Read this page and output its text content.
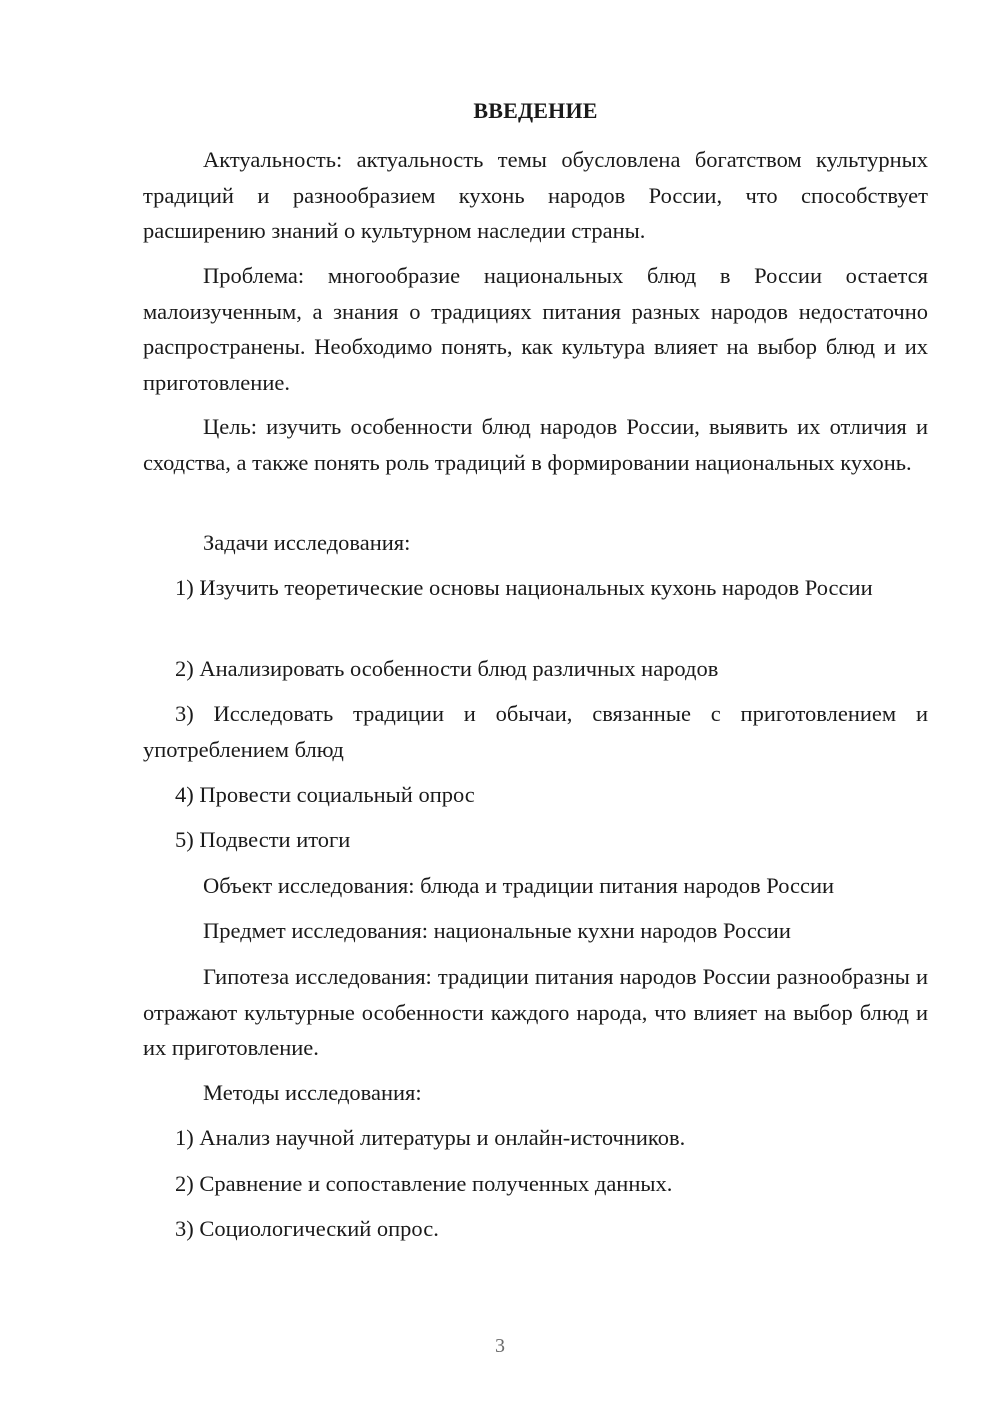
ВВЕДЕНИЕ

Актуальность: актуальность темы обусловлена богатством культурных традиций и разнообразием кухонь народов России, что способствует расширению знаний о культурном наследии страны.

Проблема: многообразие национальных блюд в России остается малоизученным, а знания о традициях питания разных народов недостаточно распространены. Необходимо понять, как культура влияет на выбор блюд и их приготовление.

Цель: изучить особенности блюд народов России, выявить их отличия и сходства, а также понять роль традиций в формировании национальных кухонь.

Задачи исследования:

1) Изучить теоретические основы национальных кухонь народов России

2) Анализировать особенности блюд различных народов

3) Исследовать традиции и обычаи, связанные с приготовлением и употреблением блюд

4) Провести социальный опрос

5) Подвести итоги

Объект исследования: блюда и традиции питания народов России

Предмет исследования: национальные кухни народов России

Гипотеза исследования: традиции питания народов России разнообразны и отражают культурные особенности каждого народа, что влияет на выбор блюд и их приготовление.

Методы исследования:

1) Анализ научной литературы и онлайн-источников.

2) Сравнение и сопоставление полученных данных.

3) Социологический опрос.

3
